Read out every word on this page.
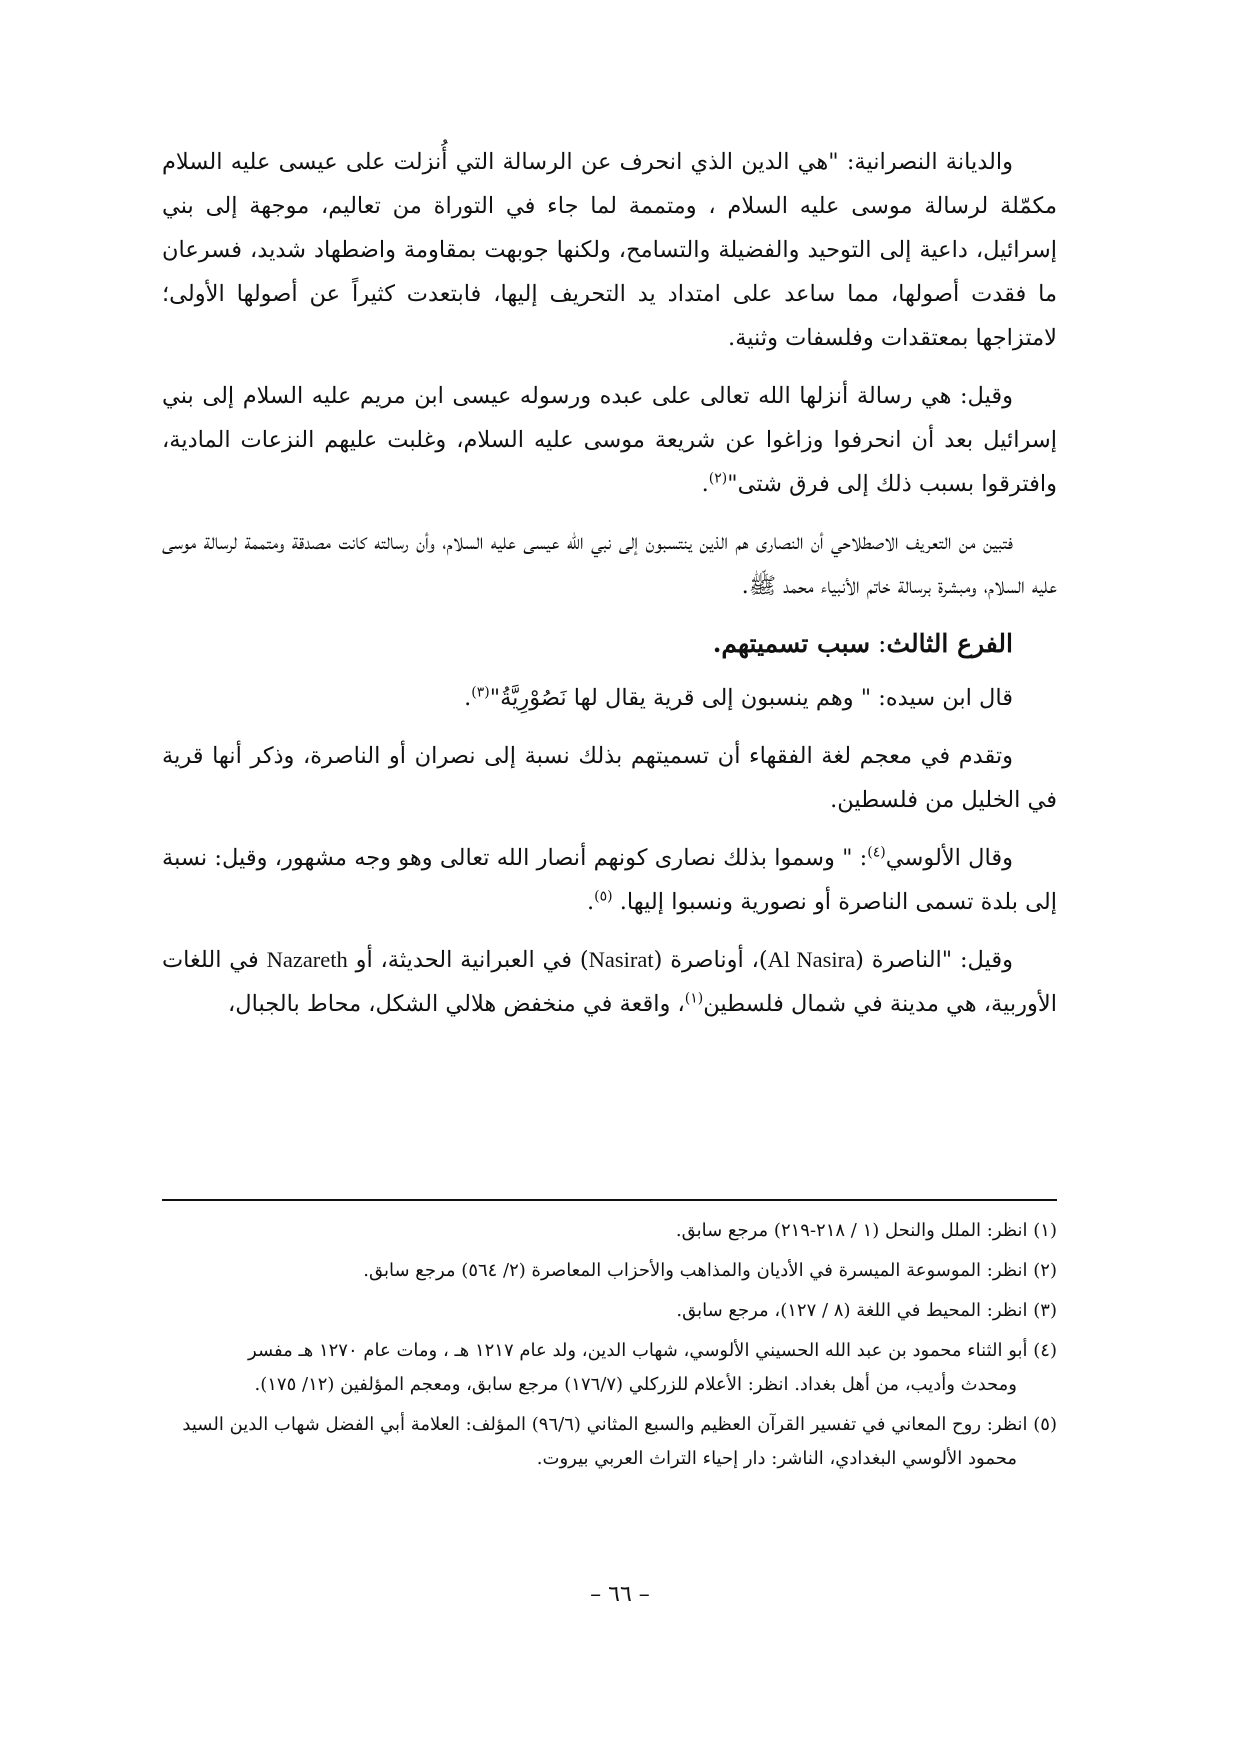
والديانة النصرانية: "هي الدين الذي انحرف عن الرسالة التي أُنزلت على عيسى عليه السلام مكمّلة لرسالة موسى عليه السلام ، ومتممة لما جاء في التوراة من تعاليم، موجهة إلى بني إسرائيل، داعية إلى التوحيد والفضيلة والتسامح، ولكنها جوبهت بمقاومة واضطهاد شديد، فسرعان ما فقدت أصولها، مما ساعد على امتداد يد التحريف إليها، فابتعدت كثيراً عن أصولها الأولى؛ لامتزاجها بمعتقدات وفلسفات وثنية.

وقيل: هي رسالة أنزلها الله تعالى على عبده ورسوله عيسى ابن مريم عليه السلام إلى بني إسرائيل بعد أن انحرفوا وزاغوا عن شريعة موسى عليه السلام، وغلبت عليهم النزعات المادية، وافترقوا بسبب ذلك إلى فرق شتى"$^{(٢)}$.

فتبين من التعريف الاصطلاحي أن النصارى هم الذين ينتسبون إلى نبي الله عيسى عليه السلام، وأن رسالته كانت مصدقة ومتممة لرسالة موسى عليه السلام، ومبشرة برسالة خاتم الأنبياء محمد ﷺ.

الفرع الثالث: سبب تسميتهم.

قال ابن سيده: " وهم ينسبون إلى قرية يقال لها نَصُوْرِيَّةُ"$^{(٣)}$.

وتقدم في معجم لغة الفقهاء أن تسميتهم بذلك نسبة إلى نصران أو الناصرة، وذكر أنها قرية في الخليل من فلسطين.

وقال الألوسي$^{(٤)}$: " وسموا بذلك نصارى كونهم أنصار الله تعالى وهو وجه مشهور، وقيل: نسبة إلى بلدة تسمى الناصرة أو نصورية ونسبوا إليها. $^{(٥)}$.

وقيل: "الناصرة (Al Nasira)، أوناصرة (Nasirat) في العبرانية الحديثة، أو Nazareth في اللغات الأوربية، هي مدينة في شمال فلسطين$^{(١)}$، واقعة في منخفض هلالي الشكل، محاط بالجبال،

(١) انظر: الملل والنحل (١ / ٢١٨-٢١٩) مرجع سابق.

(٢) انظر: الموسوعة الميسرة في الأديان والمذاهب والأحزاب المعاصرة (٢/ ٥٦٤) مرجع سابق.

(٣) انظر: المحيط في اللغة (٨ / ١٢٧)، مرجع سابق.

(٤) أبو الثناء محمود بن عبد الله الحسيني الألوسي، شهاب الدين، ولد عام ١٢١٧ هـ ، ومات عام ١٢٧٠ هـ مفسر
ومحدث وأديب، من أهل بغداد. انظر: الأعلام للزركلي (١٧٦/٧) مرجع سابق، ومعجم المؤلفين (١٢/ ١٧٥).

(٥) انظر: روح المعاني في تفسير القرآن العظيم والسبع المثاني (٩٦/٦) المؤلف: العلامة أبي الفضل شهاب الدين السيد
محمود الألوسي البغدادي، الناشر: دار إحياء التراث العربي بيروت.

– ٦٦ –
